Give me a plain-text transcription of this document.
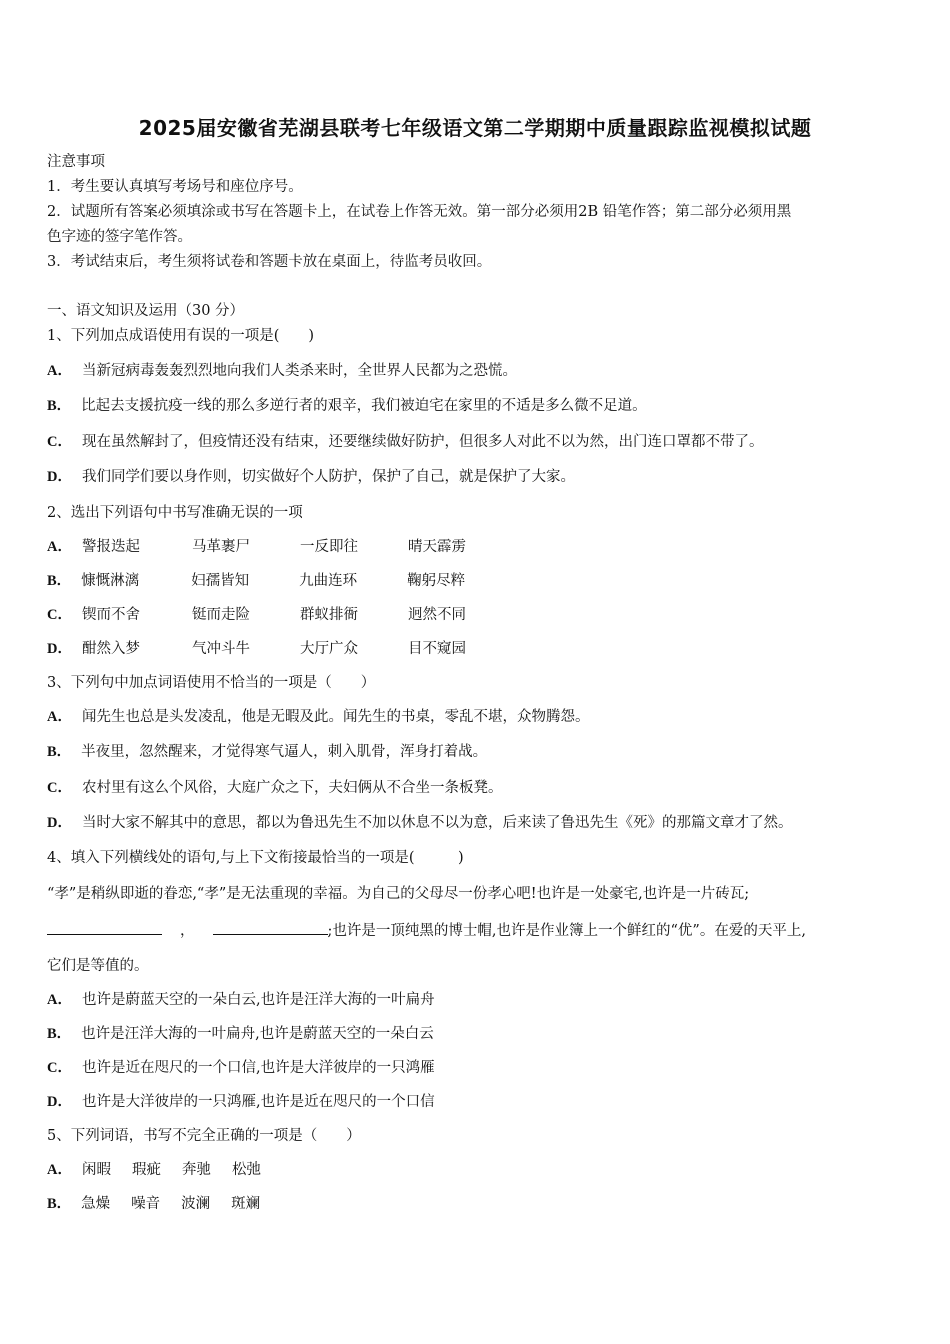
2025届安徽省芜湖县联考七年级语文第二学期期中质量跟踪监视模拟试题
注意事项
1．考生要认真填写考场号和座位序号。
2．试题所有答案必须填涂或书写在答题卡上，在试卷上作答无效。第一部分必须用2B 铅笔作答；第二部分必须用黑
色字迹的签字笔作答。
3．考试结束后，考生须将试卷和答题卡放在桌面上，待监考员收回。
一、语文知识及运用（30 分）
1、下列加点成语使用有误的一项是(　　)
A． 当新冠病毒轰轰烈烈地向我们人类杀来时，全世界人民都为之恐慌。
B． 比起去支援抗疫一线的那么多逆行者的艰辛，我们被迫宅在家里的不适是多么微不足道。
C． 现在虽然解封了，但疫情还没有结束，还要继续做好防护，但很多人对此不以为然，出门连口罩都不带了。
D． 我们同学们要以身作则，切实做好个人防护，保护了自己，就是保护了大家。
2、选出下列语句中书写准确无误的一项
A． 警报迭起	马革裹尸	一反即往	晴天霹雳
B． 慷慨淋漓	妇孺皆知	九曲连环	鞠躬尽粹
C． 锲而不舍	铤而走险	群蚁排衙	迥然不同
D． 酣然入梦	气冲斗牛	大厅广众	目不窥园
3、下列句中加点词语使用不恰当的一项是（　　）
A． 闻先生也总是头发凌乱，他是无暇及此。闻先生的书桌，零乱不堪，众物腾怨。
B． 半夜里，忽然醒来，才觉得寒气逼人，刺入肌骨，浑身打着战。
C． 农村里有这么个风俗，大庭广众之下，夫妇俩从不合坐一条板凳。
D． 当时大家不解其中的意思，都以为鲁迅先生不加以休息不以为意，后来读了鲁迅先生《死》的那篇文章才了然。
4、填入下列横线处的语句,与上下文衔接最恰当的一项是(　　　)
“孝”是稍纵即逝的眷恋,“孝”是无法重现的幸福。为自己的父母尽一份孝心吧!也许是一处豪宅,也许是一片砖瓦;
，	;也许是一顶纯黑的博士帽,也许是作业簿上一个鲜红的“优”。在爱的天平上,
它们是等值的。
A． 也许是蔚蓝天空的一朵白云,也许是汪洋大海的一叶扁舟
B． 也许是汪洋大海的一叶扁舟,也许是蔚蓝天空的一朵白云
C． 也许是近在咫尺的一个口信,也许是大洋彼岸的一只鸿雁
D． 也许是大洋彼岸的一只鸿雁,也许是近在咫尺的一个口信
5、下列词语，书写不完全正确的一项是（　　）
A． 闲暇 瑕疵 奔驰 松弛
B． 急燥 噪音 波澜 斑斓
